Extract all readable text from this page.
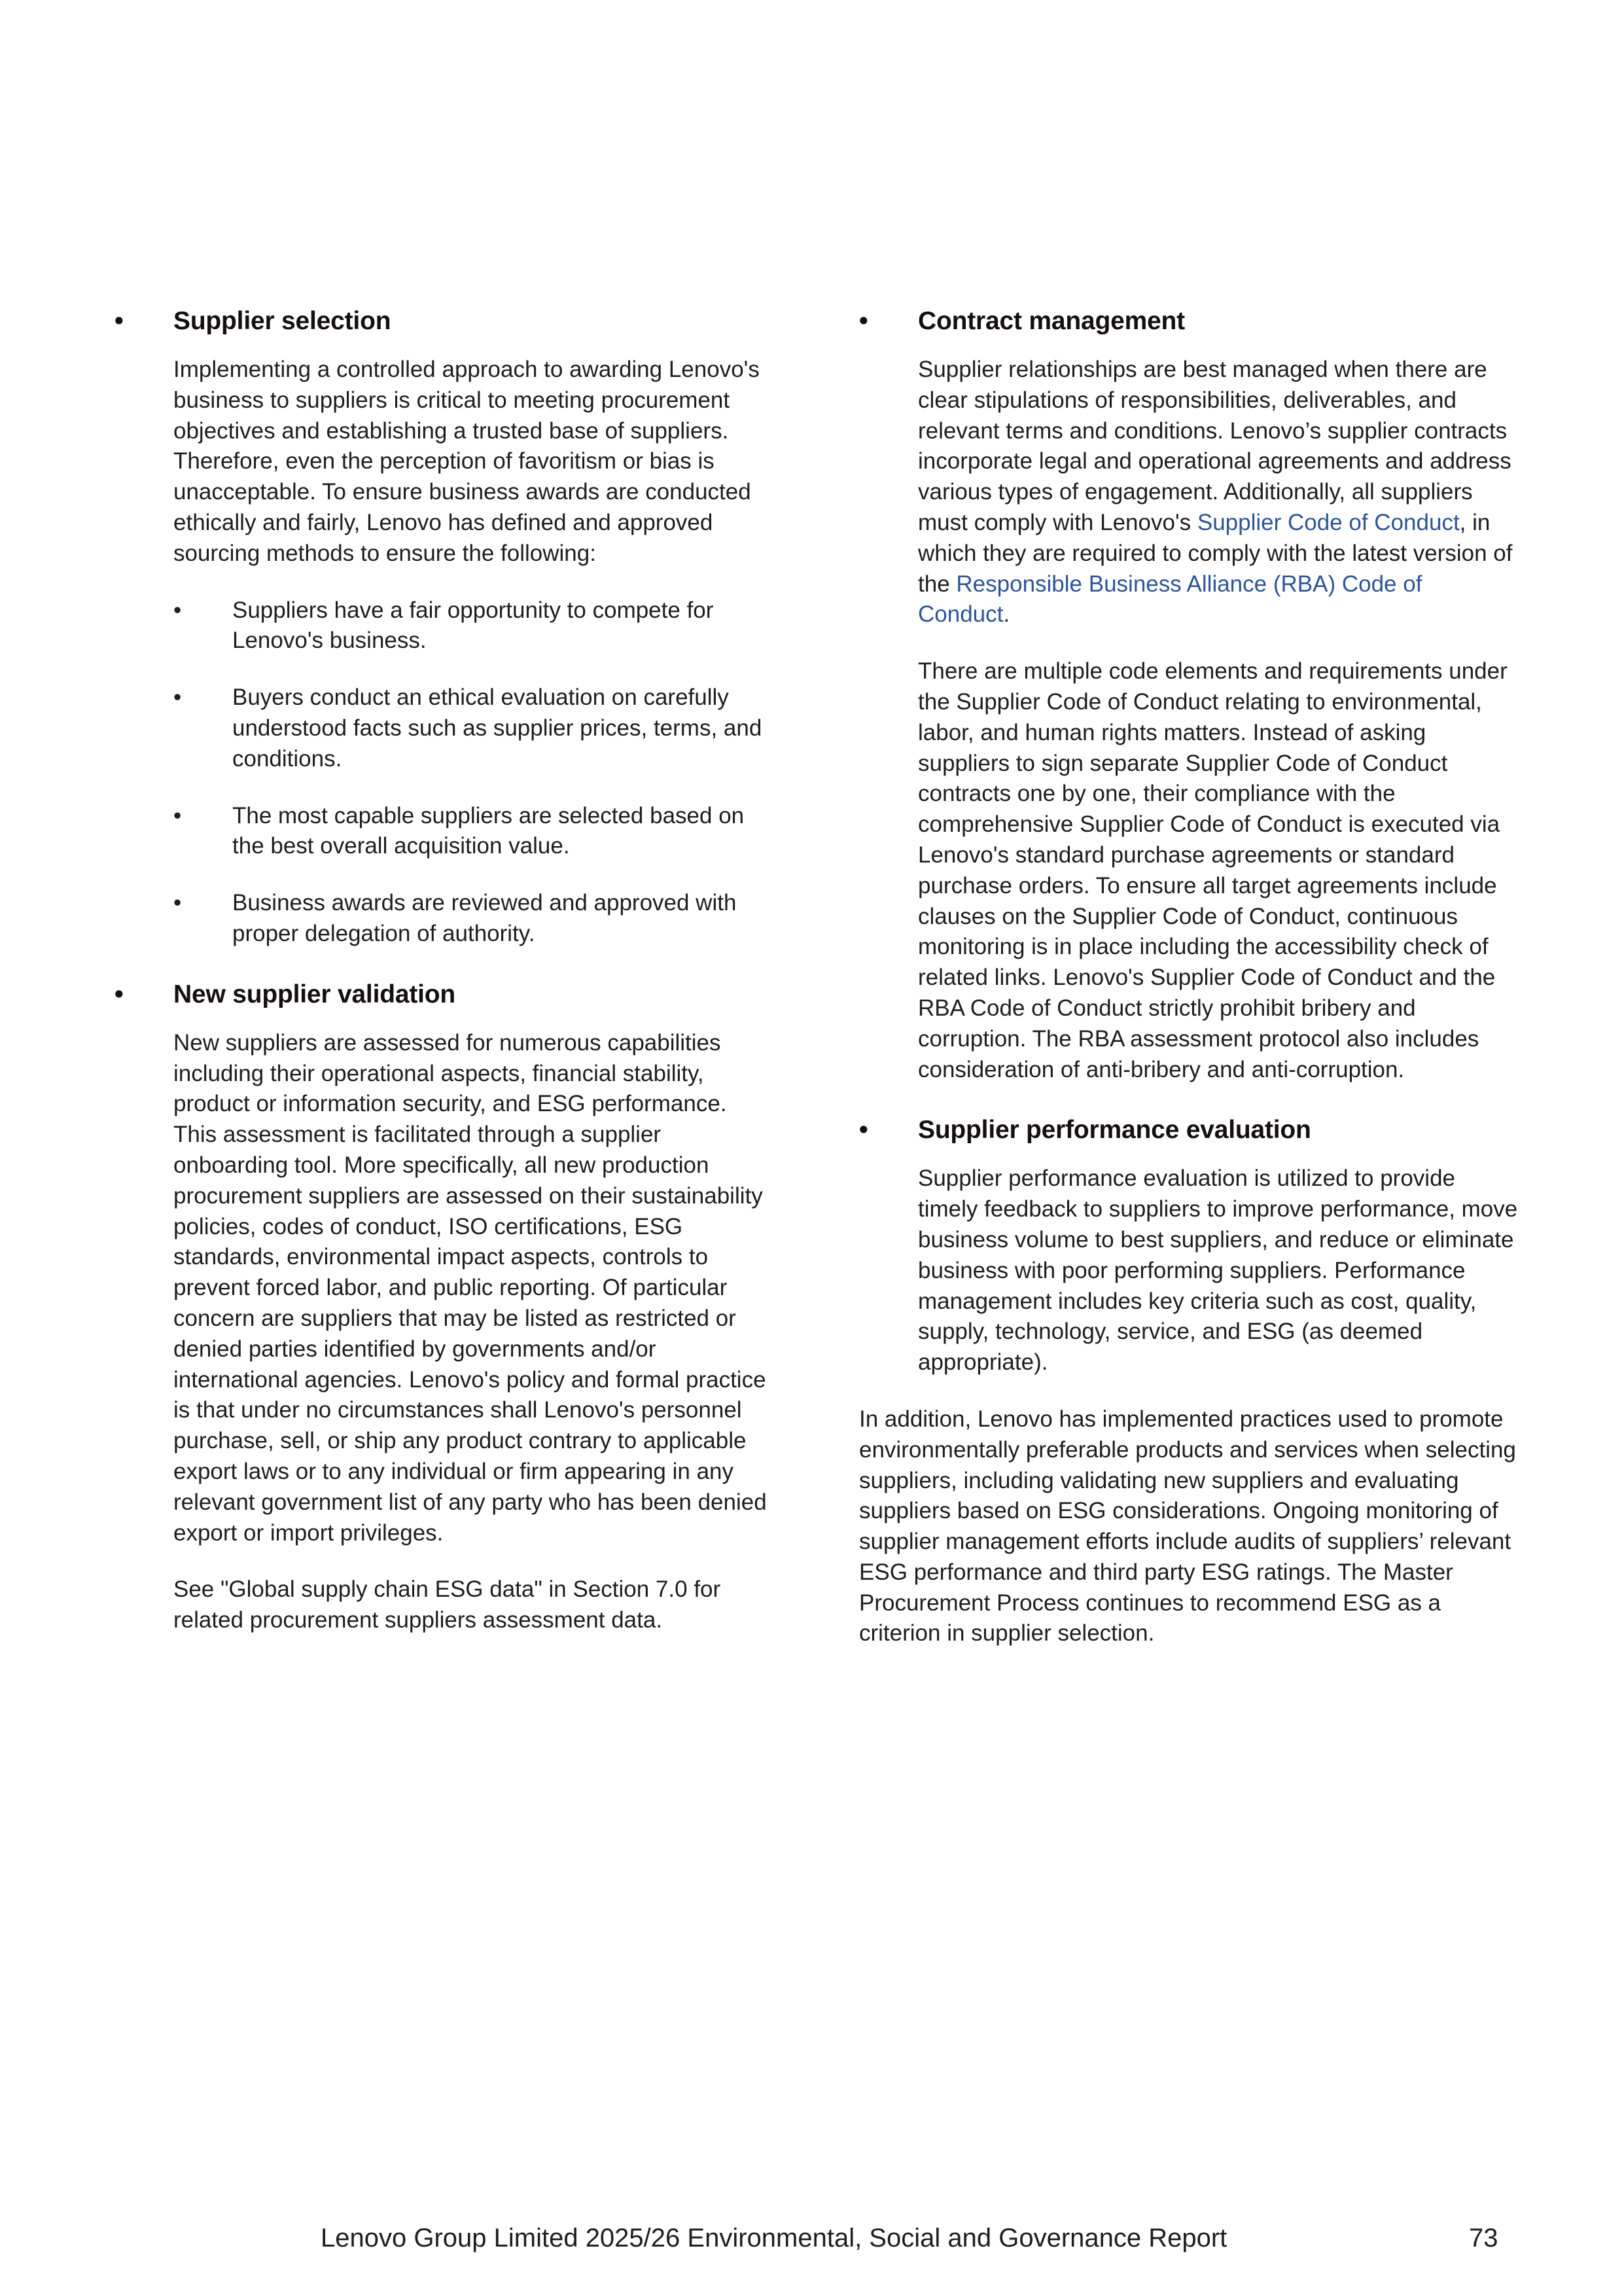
• Supplier selection

Implementing a controlled approach to awarding Lenovo's business to suppliers is critical to meeting procurement objectives and establishing a trusted base of suppliers. Therefore, even the perception of favoritism or bias is unacceptable. To ensure business awards are conducted ethically and fairly, Lenovo has defined and approved sourcing methods to ensure the following:

• Suppliers have a fair opportunity to compete for Lenovo's business.
• Buyers conduct an ethical evaluation on carefully understood facts such as supplier prices, terms, and conditions.
• The most capable suppliers are selected based on the best overall acquisition value.
• Business awards are reviewed and approved with proper delegation of authority.
• New supplier validation

New suppliers are assessed for numerous capabilities including their operational aspects, financial stability, product or information security, and ESG performance. This assessment is facilitated through a supplier onboarding tool. More specifically, all new production procurement suppliers are assessed on their sustainability policies, codes of conduct, ISO certifications, ESG standards, environmental impact aspects, controls to prevent forced labor, and public reporting. Of particular concern are suppliers that may be listed as restricted or denied parties identified by governments and/or international agencies. Lenovo's policy and formal practice is that under no circumstances shall Lenovo's personnel purchase, sell, or ship any product contrary to applicable export laws or to any individual or firm appearing in any relevant government list of any party who has been denied export or import privileges.

See "Global supply chain ESG data" in Section 7.0 for related procurement suppliers assessment data.

• Contract management

Supplier relationships are best managed when there are clear stipulations of responsibilities, deliverables, and relevant terms and conditions. Lenovo’s supplier contracts incorporate legal and operational agreements and address various types of engagement. Additionally, all suppliers must comply with Lenovo's Supplier Code of Conduct, in which they are required to comply with the latest version of the Responsible Business Alliance (RBA) Code of Conduct.

There are multiple code elements and requirements under the Supplier Code of Conduct relating to environmental, labor, and human rights matters. Instead of asking suppliers to sign separate Supplier Code of Conduct contracts one by one, their compliance with the comprehensive Supplier Code of Conduct is executed via Lenovo's standard purchase agreements or standard purchase orders. To ensure all target agreements include clauses on the Supplier Code of Conduct, continuous monitoring is in place including the accessibility check of related links. Lenovo's Supplier Code of Conduct and the RBA Code of Conduct strictly prohibit bribery and corruption. The RBA assessment protocol also includes consideration of anti-bribery and anti-corruption.

• Supplier performance evaluation

Supplier performance evaluation is utilized to provide timely feedback to suppliers to improve performance, move business volume to best suppliers, and reduce or eliminate business with poor performing suppliers. Performance management includes key criteria such as cost, quality, supply, technology, service, and ESG (as deemed appropriate).

In addition, Lenovo has implemented practices used to promote environmentally preferable products and services when selecting suppliers, including validating new suppliers and evaluating suppliers based on ESG considerations. Ongoing monitoring of supplier management efforts include audits of suppliers’ relevant ESG performance and third party ESG ratings. The Master Procurement Process continues to recommend ESG as a criterion in supplier selection.

Lenovo Group Limited 2025/26 Environmental, Social and Governance Report	73
